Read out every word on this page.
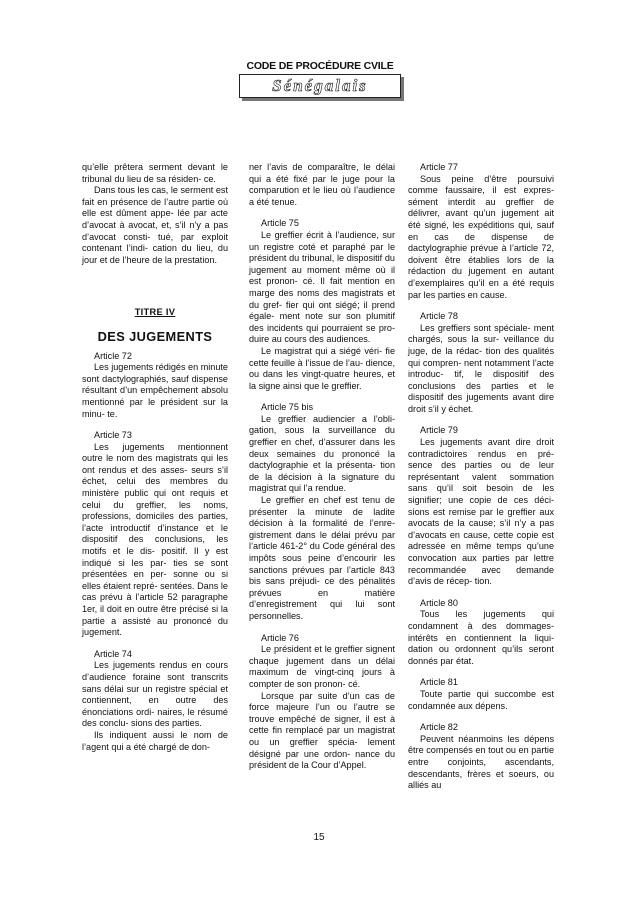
CODE DE PROCÉDURE CVILE
Sénégalais

qu’elle prêtera serment devant le tribunal du lieu de sa résiden- ce.

Dans tous les cas, le serment est fait en présence de l’autre partie où elle est dûment appe- lée par acte d’avocat à avocat, et, s’il n’y a pas d’avocat consti- tué, par exploit contenant l’indi- cation du lieu, du jour et de l’heure de la prestation.

TITRE IV
DES JUGEMENTS

Article 72

Les jugements rédigés en minute sont dactylographiés, sauf dispense résultant d’un empêchement absolu mentionné par le président sur la minu- te.

Article 73

Les jugements mentionnent outre le nom des magistrats qui les ont rendus et des asses- seurs s’il échet, celui des membres du ministère public qui ont requis et celui du greffier, les noms, professions, domiciles des parties, l’acte introductif d’instance et le dispositif des conclusions, les motifs et le dis- positif. Il y est indiqué si les par- ties se sont présentées en per- sonne ou si elles étaient repré- sentées. Dans le cas prévu à l’article 52 paragraphe 1er, il doit en outre être précisé si la partie a assisté au prononcé du jugement.

Article 74

Les jugements rendus en cours d’audience foraine sont transcrits sans délai sur un registre spécial et contiennent, en outre des énonciations ordi- naires, le résumé des conclu- sions des parties.

Ils indiquent aussi le nom de l’agent qui a été chargé de don-

ner l’avis de comparaître, le délai qui a été fixé par le juge pour la comparution et le lieu où l’audience a été tenue.

Article 75

Le greffier écrit à l’audience, sur un registre coté et paraphé par le président du tribunal, le dispositif du jugement au moment même où il est pronon- cé. Il fait mention en marge des noms des magistrats et du gref- fier qui ont siégé; il prend égale- ment note sur son plumitif des incidents qui pourraient se pro- duire au cours des audiences.

Le magistrat qui a siégé véri- fie cette feuille à l’issue de l’au- dience, ou dans les vingt-quatre heures, et la signe ainsi que le greffier.

Article 75 bis

Le greffier audiencier a l’obli- gation, sous la surveillance du greffier en chef, d’assurer dans les deux semaines du prononcé la dactylographie et la présenta- tion de la décision à la signature du magistrat qui l’a rendue.

Le greffier en chef est tenu de présenter la minute de ladite décision à la formalité de l’enre- gistrement dans le délai prévu par l’article 461-2° du Code général des impôts sous peine d’encourir les sanctions prévues par l’article 843 bis sans préjudi- ce des pénalités prévues en matière d’enregistrement qui lui sont personnelles.

Article 76

Le président et le greffier signent chaque jugement dans un délai maximum de vingt-cinq jours à compter de son pronon- cé.

Lorsque par suite d’un cas de force majeure l’un ou l’autre se trouve empêché de signer, il est à cette fin remplacé par un magistrat ou un greffier spécia- lement désigné par une ordon- nance du président de la Cour d’Appel.

Article 77

Sous peine d’être poursuivi comme faussaire, il est expres- sément interdit au greffier de délivrer, avant qu’un jugement ait été signé, les expéditions qui, sauf en cas de dispense de dactylographie prévue à l’article 72, doivent être établies lors de la rédaction du jugement en autant d’exemplaires qu’il en a été requis par les parties en cause.

Article 78

Les greffiers sont spéciale- ment chargés, sous la sur- veillance du juge, de la rédac- tion des qualités qui compren- nent notamment l’acte introduc- tif, le dispositif des conclusions des parties et le dispositif des jugements avant dire droit s’il y échet.

Article 79

Les jugements avant dire droit contradictoires rendus en pré- sence des parties ou de leur représentant valent sommation sans qu’il soit besoin de les signifier; une copie de ces déci- sions est remise par le greffier aux avocats de la cause; s’il n’y a pas d’avocats en cause, cette copie est adressée en même temps qu’une convocation aux parties par lettre recommandée avec demande d’avis de récep- tion.

Article 80

Tous les jugements qui condamnent à des dommages- intérêts en contiennent la liqui- dation ou ordonnent qu’ils seront donnés par état.

Article 81

Toute partie qui succombe est condamnée aux dépens.

Article 82

Peuvent néanmoins les dépens être compensés en tout ou en partie entre conjoints, ascendants, descendants, frères et soeurs, ou alliés au

15
